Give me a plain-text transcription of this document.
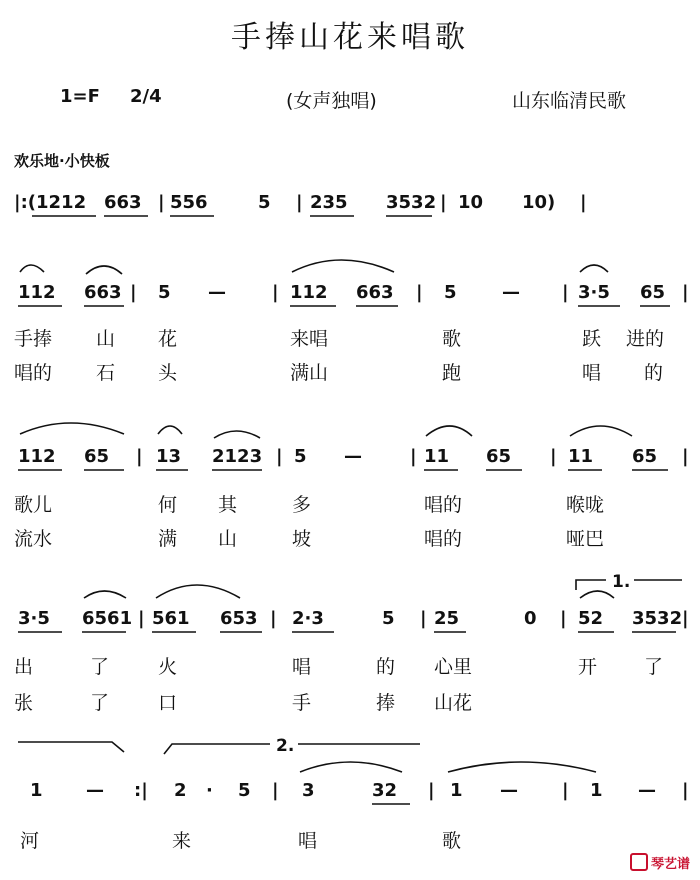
手捧山花来唱歌
1=F 2/4	(女声独唱)	山东临清民歌
欢乐地·小快板
|:(1212 663 | 556	5 | 235 3532 | 10 10) |
112 663 | 5 —	| 112 663 | 5	— | 3·5 65 |
手捧 山 花	来唱	歌	跃 进的
唱的 石 头	满山	跑	唱 的
112 65 | 13 2123 | 5 —	| 11 65 | 11 65 |
歌儿	何 其	多	唱的	喉咙
流水	满 山	坡	唱的	哑巴
1.
3·5 6561 | 561 653 | 2·3	5 | 25	0 | 52 3532 |
出	了	火	唱	的 心里	开 了
张	了	口	手	捧 山花
2.
1 — :| 2 · 5 | 3	32 | 1 — | 1 — |
河	来	唱	歌
琴艺谱
